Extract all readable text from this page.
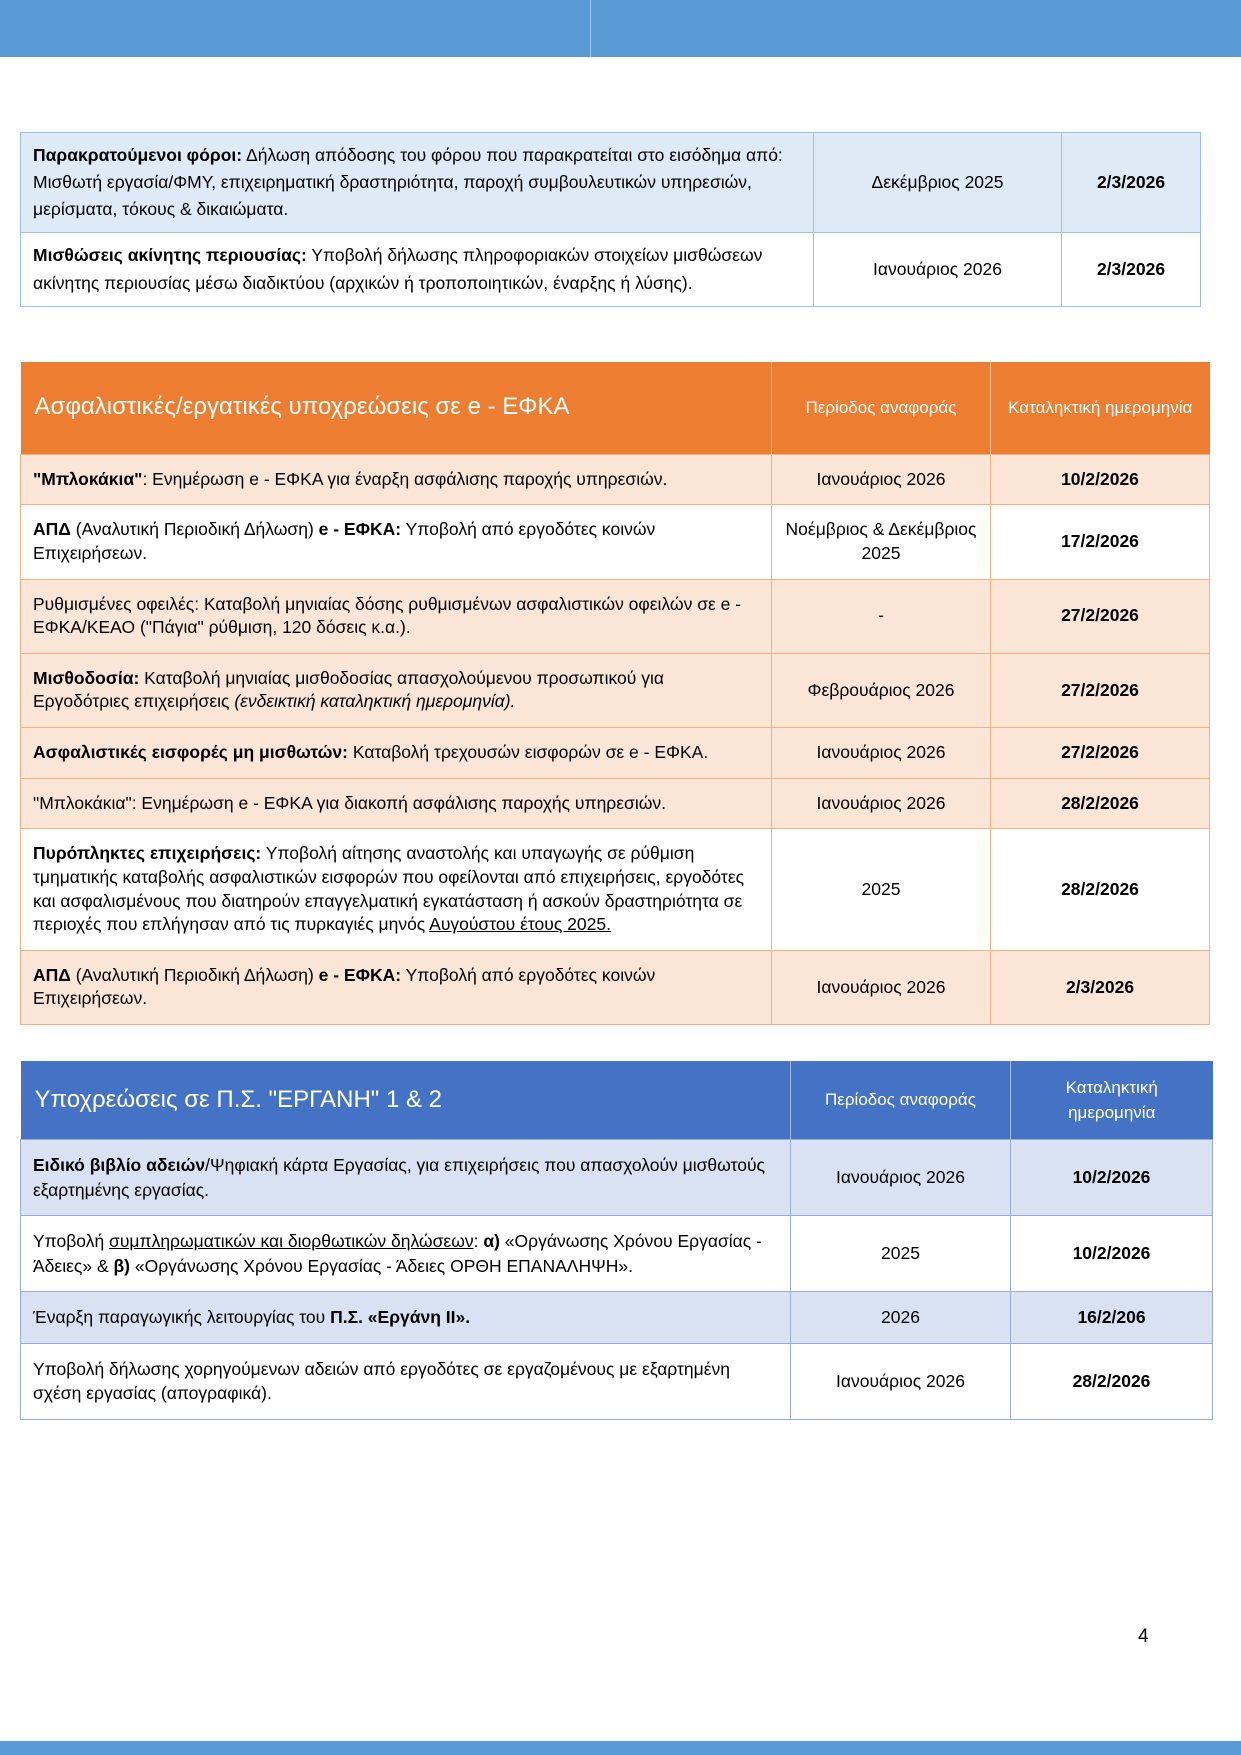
Παρακρατούμενοι φόροι: Δήλωση απόδοσης του φόρου που παρακρατείται στο εισόδημα από: Μισθωτή εργασία/ΦΜΥ, επιχειρηματική δραστηριότητα, παροχή συμβουλευτικών υπηρεσιών, μερίσματα, τόκους & δικαιώματα.	Δεκέμβριος 2025	2/3/2026
Μισθώσεις ακίνητης περιουσίας: Υποβολή δήλωσης πληροφοριακών στοιχείων μισθώσεων ακίνητης περιουσίας μέσω διαδικτύου (αρχικών ή τροποποιητικών, έναρξης ή λύσης).	Ιανουάριος 2026	2/3/2026
Ασφαλιστικές/εργατικές υποχρεώσεις σε e - ΕΦΚΑ	Περίοδος αναφοράς	Καταληκτική ημερομηνία
"Μπλοκάκια": Ενημέρωση e - ΕΦΚΑ για έναρξη ασφάλισης παροχής υπηρεσιών.	Ιανουάριος 2026	10/2/2026
ΑΠΔ (Αναλυτική Περιοδική Δήλωση) e - ΕΦΚΑ: Υποβολή από εργοδότες κοινών Επιχειρήσεων.	Νοέμβριος & Δεκέμβριος 2025	17/2/2026
Ρυθμισμένες οφειλές: Καταβολή μηνιαίας δόσης ρυθμισμένων ασφαλιστικών οφειλών σε e - ΕΦΚΑ/ΚΕΑΟ ("Πάγια" ρύθμιση, 120 δόσεις κ.α.).	-	27/2/2026
Μισθοδοσία: Καταβολή μηνιαίας μισθοδοσίας απασχολούμενου προσωπικού για Εργοδότριες επιχειρήσεις (ενδεικτική καταληκτική ημερομηνία).	Φεβρουάριος 2026	27/2/2026
Ασφαλιστικές εισφορές μη μισθωτών: Καταβολή τρεχουσών εισφορών σε e - ΕΦΚΑ.	Ιανουάριος 2026	27/2/2026
"Μπλοκάκια": Ενημέρωση e - ΕΦΚΑ για διακοπή ασφάλισης παροχής υπηρεσιών.	Ιανουάριος 2026	28/2/2026
Πυρόπληκτες επιχειρήσεις: Υποβολή αίτησης αναστολής και υπαγωγής σε ρύθμιση τμηματικής καταβολής ασφαλιστικών εισφορών που οφείλονται από επιχειρήσεις, εργοδότες και ασφαλισμένους που διατηρούν επαγγελματική εγκατάσταση ή ασκούν δραστηριότητα σε περιοχές που επλήγησαν από τις πυρκαγιές μηνός Αυγούστου έτους 2025.	2025	28/2/2026
ΑΠΔ (Αναλυτική Περιοδική Δήλωση) e - ΕΦΚΑ: Υποβολή από εργοδότες κοινών Επιχειρήσεων.	Ιανουάριος 2026	2/3/2026
Υποχρεώσεις σε Π.Σ. "ΕΡΓΑΝΗ" 1 & 2	Περίοδος αναφοράς	Καταληκτική ημερομηνία
Ειδικό βιβλίο αδειών/Ψηφιακή κάρτα Εργασίας, για επιχειρήσεις που απασχολούν μισθωτούς εξαρτημένης εργασίας.	Ιανουάριος 2026	10/2/2026
Υποβολή συμπληρωματικών και διορθωτικών δηλώσεων: α) «Οργάνωσης Χρόνου Εργασίας - Άδειες» & β) «Οργάνωσης Χρόνου Εργασίας - Άδειες ΟΡΘΗ ΕΠΑΝΑΛΗΨΗ».	2025	10/2/2026
Έναρξη παραγωγικής λειτουργίας του Π.Σ. «Εργάνη ΙΙ».	2026	16/2/206
Υποβολή δήλωσης χορηγούμενων αδειών από εργοδότες σε εργαζομένους με εξαρτημένη σχέση εργασίας (απογραφικά).	Ιανουάριος 2026	28/2/2026
4
